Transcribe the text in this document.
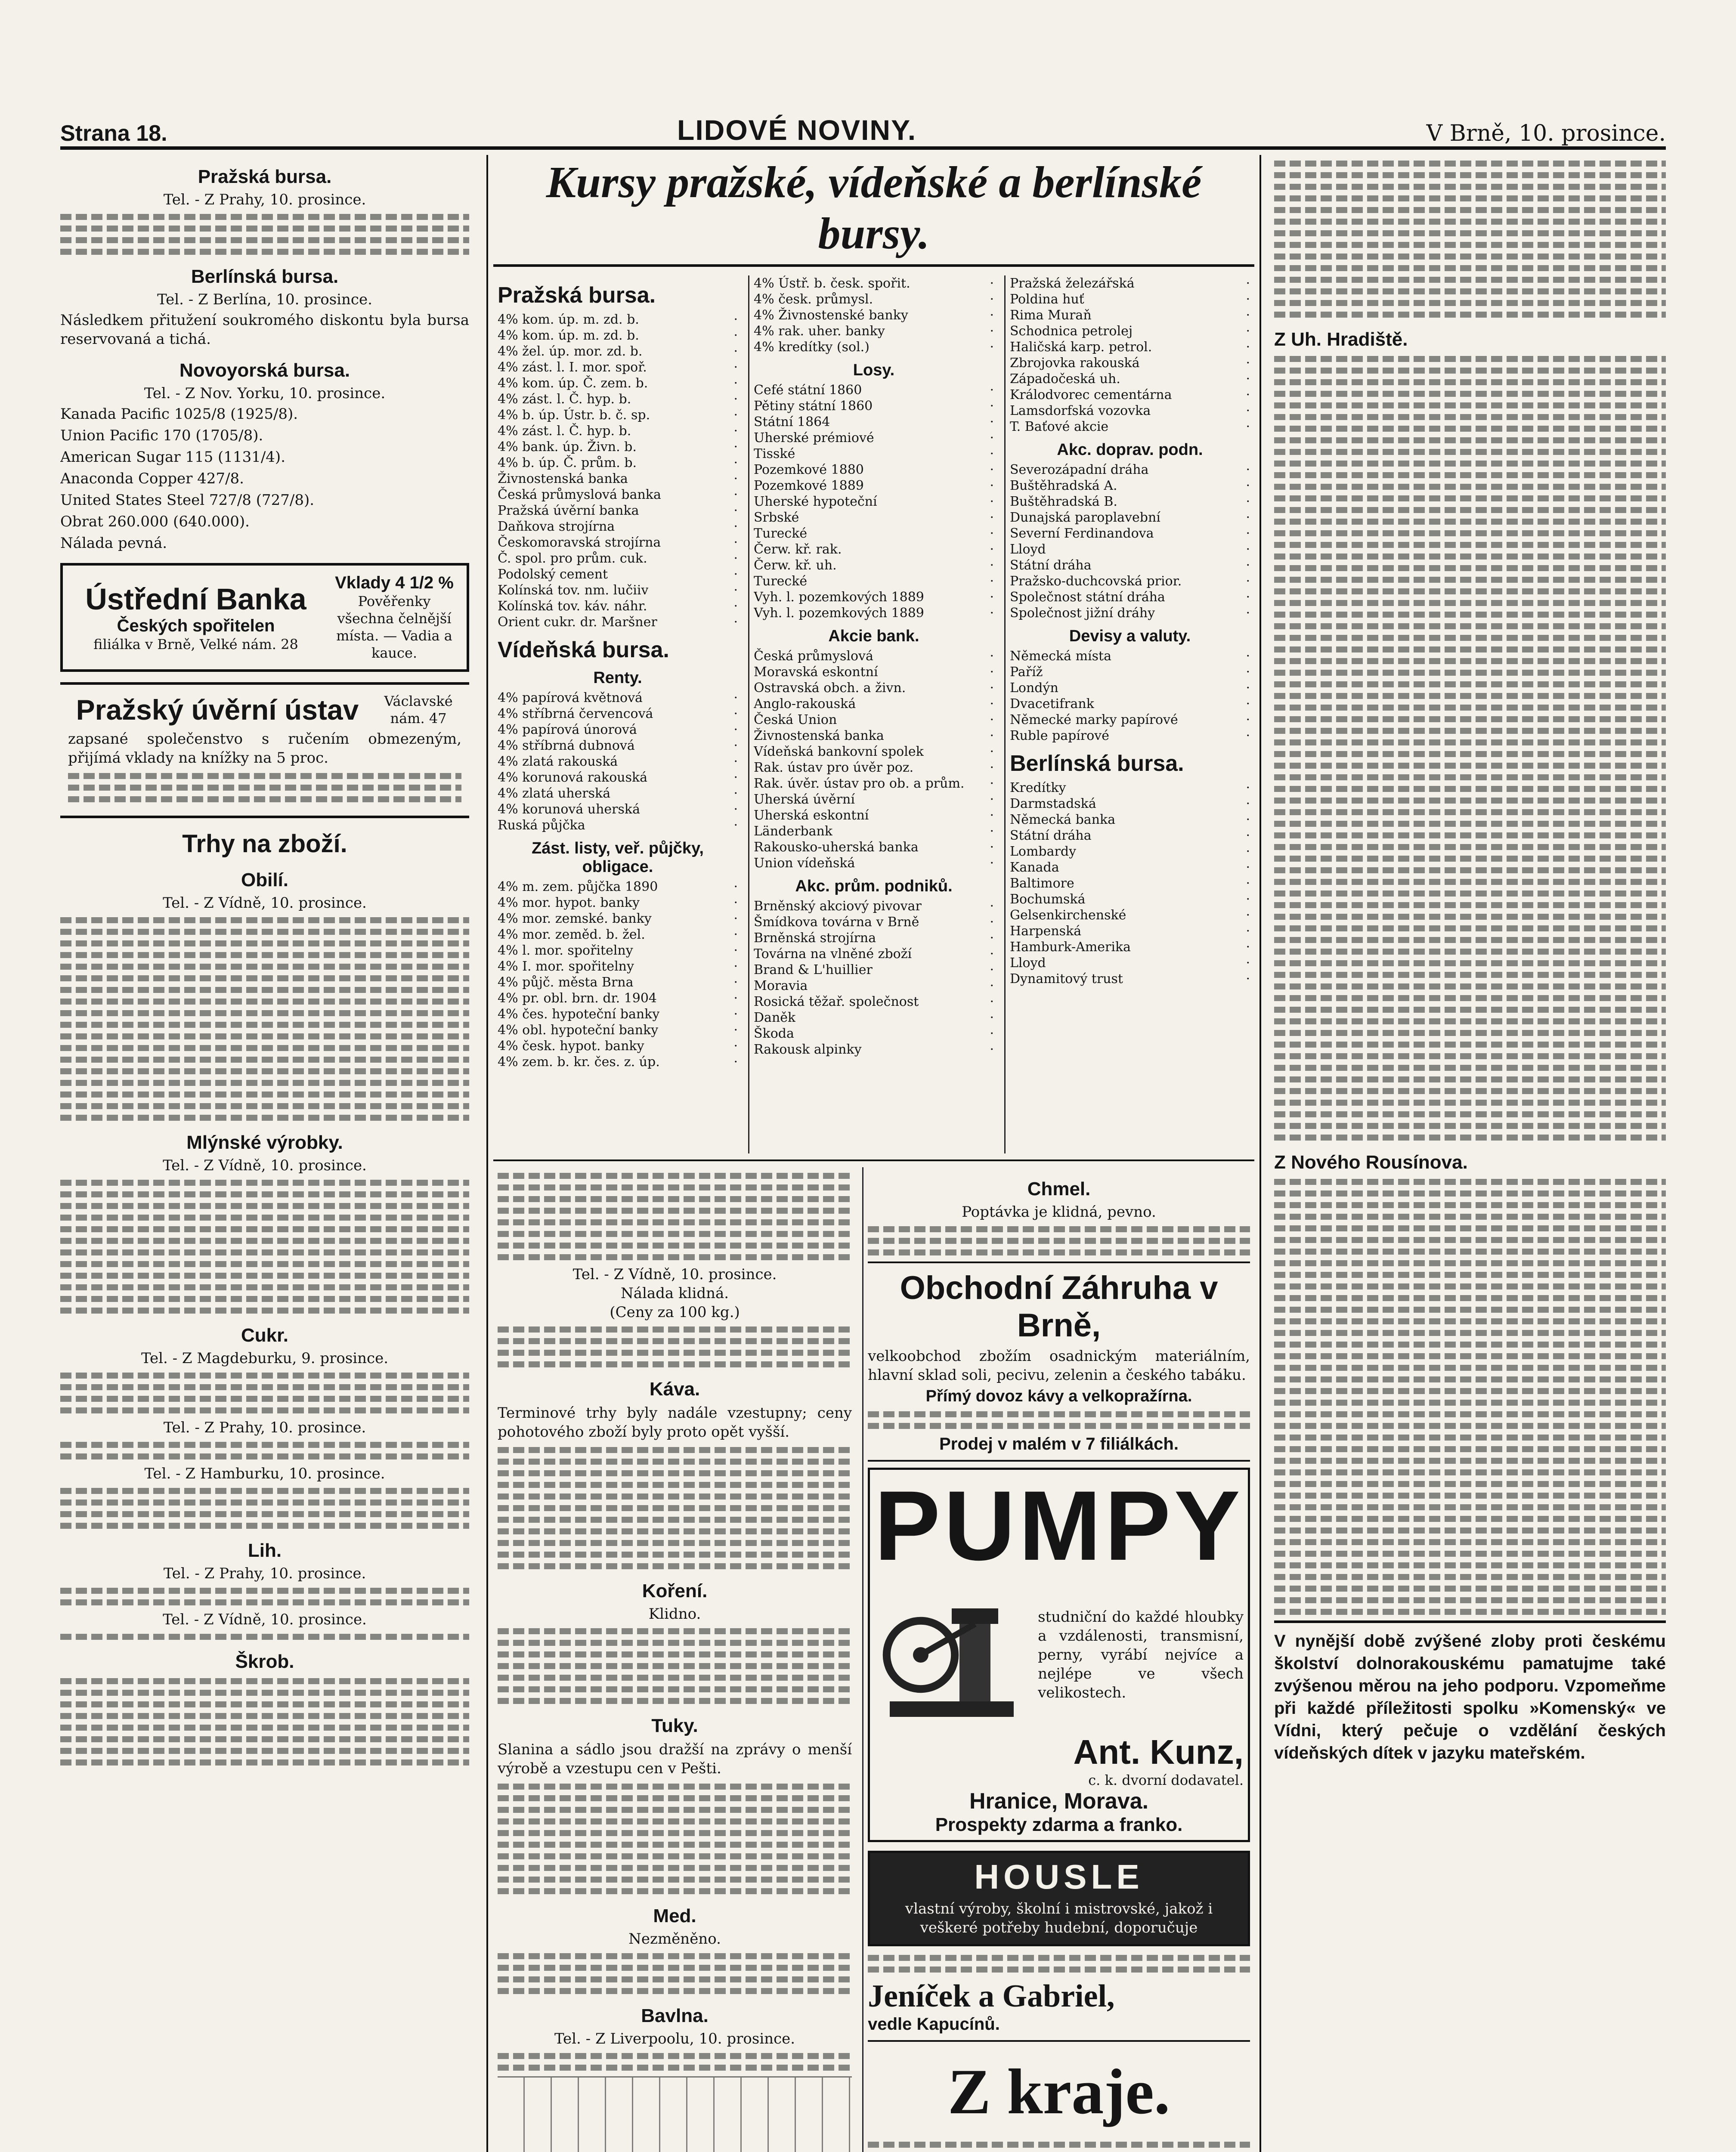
Strana 18.	LIDOVÉ NOVINY.	V Brně, 10. prosince.
Pražská bursa.
Tel. - Z Prahy, 10. prosince.
Berlínská bursa.
Tel. - Z Berlína, 10. prosince.

Následkem přitužení soukromého diskontu byla bursa reservovaná a tichá.

Novoyorská bursa.
Tel. - Z Nov. Yorku, 10. prosince.

Kanada Pacific 1025/8 (1925/8).

Union Pacific 170 (1705/8).

American Sugar 115 (1131/4).

Anaconda Copper 427/8.

United States Steel 727/8 (727/8).

Obrat 260.000 (640.000).

Nálada pevná.

Ústřední Banka
Českých spořitelen
filiálka v Brně, Velké nám. 28
Vklady 4 1/2 %
Pověřenky všechna čelnější místa. — Vadia a kauce.
Pražský úvěrní ústav	Václavské nám. 47

zapsané společenstvo s ručením obmezeným, přijímá vklady na knížky na 5 proc.

Trhy na zboží.
Obilí.
Tel. - Z Vídně, 10. prosince.
Mlýnské výrobky.
Tel. - Z Vídně, 10. prosince.
Cukr.
Tel. - Z Magdeburku, 9. prosince.
Tel. - Z Prahy, 10. prosince.
Tel. - Z Hamburku, 10. prosince.
Lih.
Tel. - Z Prahy, 10. prosince.
Tel. - Z Vídně, 10. prosince.
Škrob.
Kursy pražské, vídeňské a berlínské bursy.
Pražská bursa.
4% kom. úp. m. zd. b.	·
4% kom. úp. m. zd. b.	·
4% žel. úp. mor. zd. b.	·
4% zást. l. I. mor. spoř.	·
4% kom. úp. Č. zem. b.	·
4% zást. l. Č. hyp. b.	·
4% b. úp. Ústr. b. č. sp.	·
4% zást. l. Č. hyp. b.	·
4% bank. úp. Živn. b.	·
4% b. úp. Č. prům. b.	·
Živnostenská banka	·
Česká průmyslová banka	·
Pražská úvěrní banka	·
Daňkova strojírna	·
Českomoravská strojírna	·
Č. spol. pro prům. cuk.	·
Podolský cement	·
Kolínská tov. nm. lučiiv	·
Kolínská tov. káv. náhr.	·
Orient cukr. dr. Maršner	·
Vídeňská bursa.
Renty.
4% papírová květnová	·
4% stříbrná červencová	·
4% papírová únorová	·
4% stříbrná dubnová	·
4% zlatá rakouská	·
4% korunová rakouská	·
4% zlatá uherská	·
4% korunová uherská	·
Ruská půjčka	·
Zást. listy, veř. půjčky, obligace.
4% m. zem. půjčka 1890	·
4% mor. hypot. banky	·
4% mor. zemské. banky	·
4% mor. zeměd. b. žel.	·
4% l. mor. spořitelny	·
4% I. mor. spořitelny	·
4% půjč. města Brna	·
4% pr. obl. brn. dr. 1904	·
4% čes. hypoteční banky	·
4% obl. hypoteční banky	·
4% česk. hypot. banky	·
4% zem. b. kr. čes. z. úp.	·
4% Ústř. b. česk. spořit.	·
4% česk. průmysl.	·
4% Živnostenské banky	·
4% rak. uher. banky	·
4% kredítky (sol.)	·
Losy.
Cefé státní 1860	·
Pětiny státní 1860	·
Státní 1864	·
Uherské prémiové	·
Tisské	·
Pozemkové 1880	·
Pozemkové 1889	·
Uherské hypoteční	·
Srbské	·
Turecké	·
Čerw. kř. rak.	·
Čerw. kř. uh.	·
Turecké	·
Vyh. l. pozemkových 1889	·
Vyh. l. pozemkových 1889	·
Akcie bank.
Česká průmyslová	·
Moravská eskontní	·
Ostravská obch. a živn.	·
Anglo-rakouská	·
Česká Union	·
Živnostenská banka	·
Vídeňská bankovní spolek	·
Rak. ústav pro úvěr poz.	·
Rak. úvěr. ústav pro ob. a prům. ·
Uherská úvěrní	·
Uherská eskontní	·
Länderbank	·
Rakousko-uherská banka	·
Union vídeňská	·
Akc. prům. podniků.
Brněnský akciový pivovar	·
Šmídkova továrna v Brně	·
Brněnská strojírna	·
Továrna na vlněné zboží	·
Brand & L'huillier	·
Moravia	·
Rosická těžař. společnost	·
Daněk	·
Škoda	·
Rakousk alpinky	·
Pražská železářská	·
Poldina huť	·
Rima Muraň	·
Schodnica petrolej	·
Haličská karp. petrol.	·
Zbrojovka rakouská	·
Západočeská uh.	·
Králodvorec cementárna	·
Lamsdorfská vozovka	·
T. Baťové akcie	·
Akc. doprav. podn.
Severozápadní dráha	·
Buštěhradská A.	·
Buštěhradská B.	·
Dunajská paroplavební	·
Severní Ferdinandova	·
Lloyd	·
Státní dráha	·
Pražsko-duchcovská prior.	·
Společnost státní dráha	·
Společnost jižní dráhy	·
Devisy a valuty.
Německá místa	·
Paříž	·
Londýn	·
Dvacetifrank	·
Německé marky papírové	·
Ruble papírové	·
Berlínská bursa.
Kredítky	·
Darmstadská	·
Německá banka	·
Státní dráha	·
Lombardy	·
Kanada	·
Baltimore	·
Bochumská	·
Gelsenkirchenské	·
Harpenská	·
Hamburk-Amerika	·
Lloyd	·
Dynamitový trust	·
Tel. - Z Vídně, 10. prosince.
Nálada klidná.
(Ceny za 100 kg.)
Káva.

Terminové trhy byly nadále vzestupny; ceny pohotového zboží byly proto opět vyšší.

Koření.
Klidno.
Tuky.

Slanina a sádlo jsou dražší na zprávy o menší výrobě a vzestupu cen v Pešti.

Med.
Nezměněno.
Bavlna.
Tel. - Z Liverpoolu, 10. prosince.
Chmel.
Poptávka je klidná, pevno.
Obchodní Záhruha v Brně,

velkoobchod zbožím osadnickým materiálním, hlavní sklad soli, pecivu, zelenin a českého tabáku.

Přímý dovoz kávy a velkopražírna.
Prodej v malém v 7 filiálkách.
PUMPY

studniční do každé hloubky a vzdálenosti, transmisní, perny, vyrábí nejvíce a nejlépe ve všech velikostech.

Ant. Kunz,
c. k. dvorní dodavatel.
Hranice, Morava.
Prospekty zdarma a franko.
HOUSLE

vlastní výroby, školní i mistrovské, jakož i veškeré potřeby hudební, doporučuje

Jeníček a Gabriel,
vedle Kapucínů.
Z kraje.
Z Uh. Hradiště.
Z Nového Rousínova.
V nynější době zvýšené zloby proti českému školství dolnorakouskému pamatujme také zvýšenou měrou na jeho podporu. Vzpomeňme při každé příležitosti spolku »Komenský« ve Vídni, který pečuje o vzdělání českých vídeňských dítek v jazyku mateřském.
